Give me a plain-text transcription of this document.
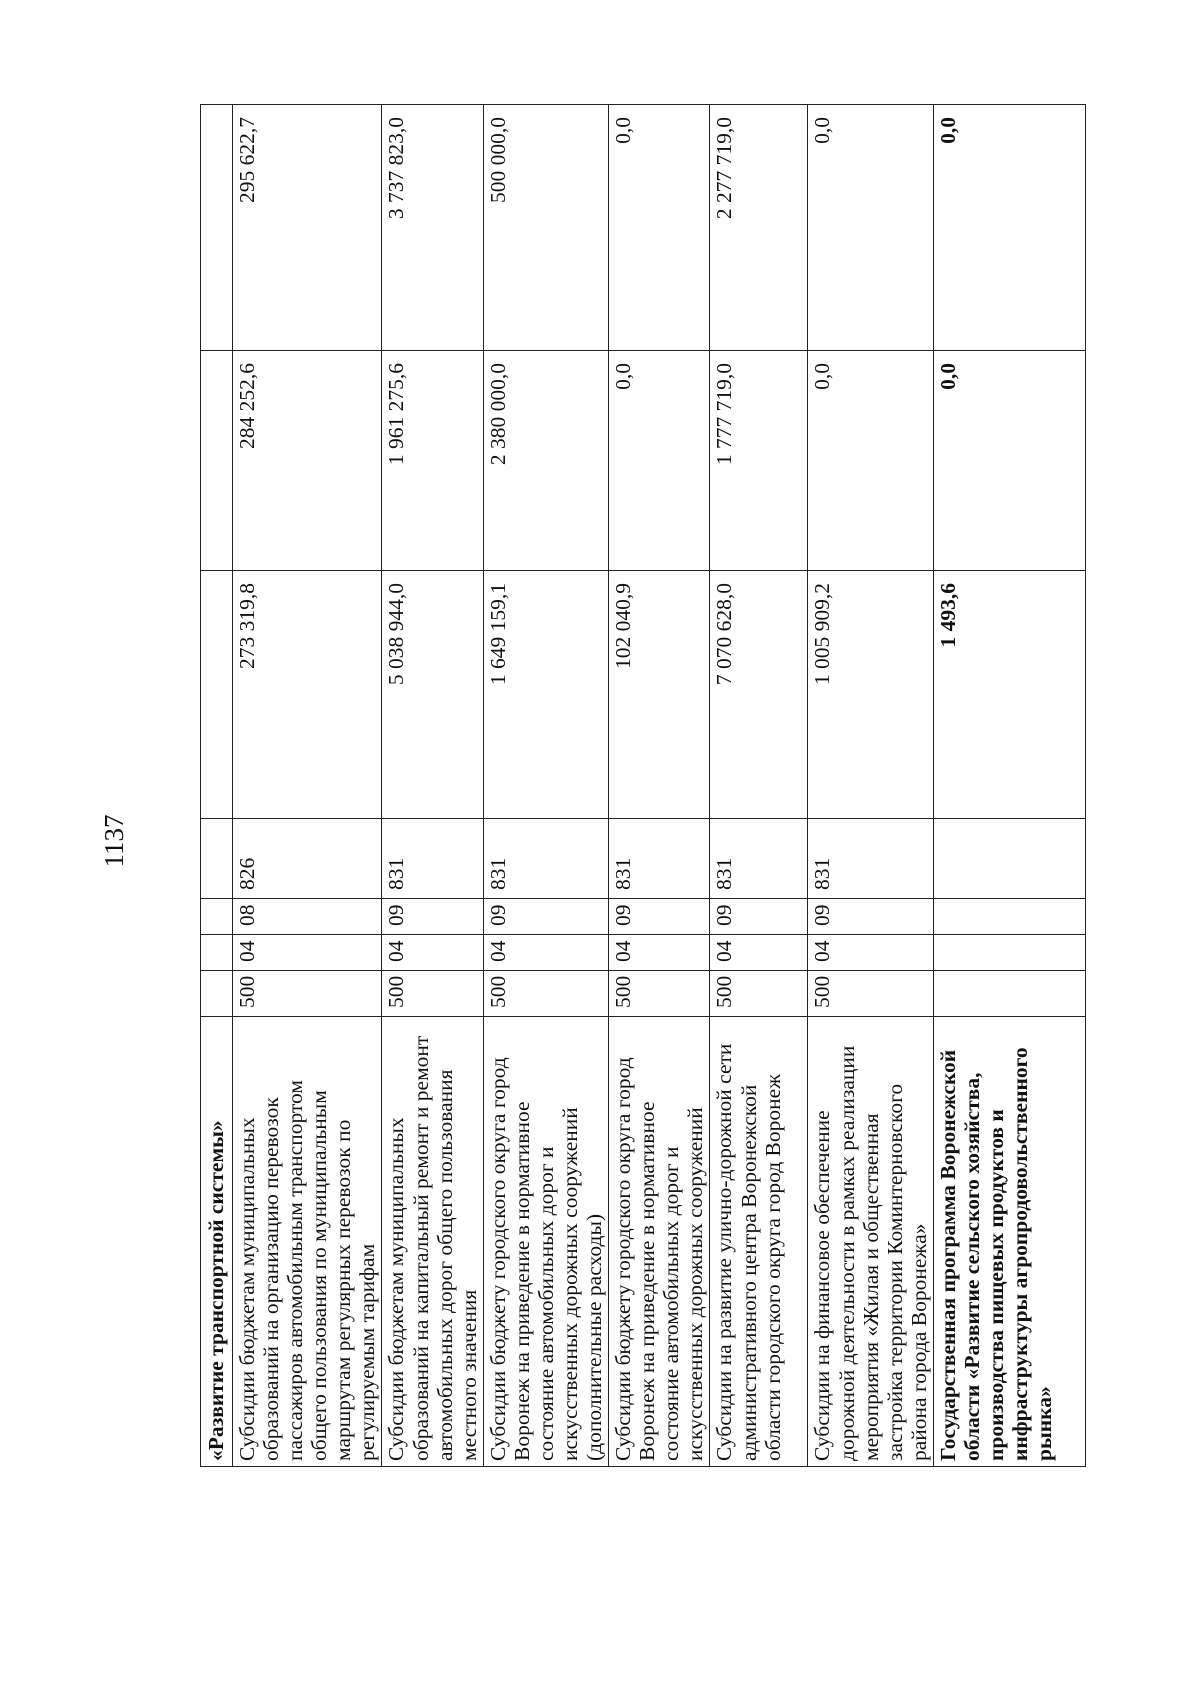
1137
«Развитие транспортной системы»							
Субсидии бюджетам муниципальных образований на организацию перевозок пассажиров автомобильным транспортом общего пользования по муниципальным маршрутам регулярных перевозок по регулируемым тарифам	500	04	08	826	273 319,8	284 252,6	295 622,7
Субсидии бюджетам муниципальных образований на капитальный ремонт и ремонт автомобильных дорог общего пользования местного значения	500	04	09	831	5 038 944,0	1 961 275,6	3 737 823,0
Субсидии бюджету городского округа город Воронеж на приведение в нормативное состояние автомобильных дорог и искусственных дорожных сооружений (дополнительные расходы)	500	04	09	831	1 649 159,1	2 380 000,0	500 000,0
Субсидии бюджету городского округа город Воронеж на приведение в нормативное состояние автомобильных дорог и искусственных дорожных сооружений	500	04	09	831	102 040,9	0,0	0,0
Субсидии на развитие улично-дорожной сети административного центра Воронежской области городского округа город Воронеж	500	04	09	831	7 070 628,0	1 777 719,0	2 277 719,0
Субсидии на финансовое обеспечение дорожной деятельности в рамках реализации мероприятия «Жилая и общественная застройка территории Коминтерновского района города Воронежа»	500	04	09	831	1 005 909,2	0,0	0,0
Государственная программа Воронежской области «Развитие сельского хозяйства, производства пищевых продуктов и инфраструктуры агропродовольственного рынка»					1 493,6	0,0	0,0
